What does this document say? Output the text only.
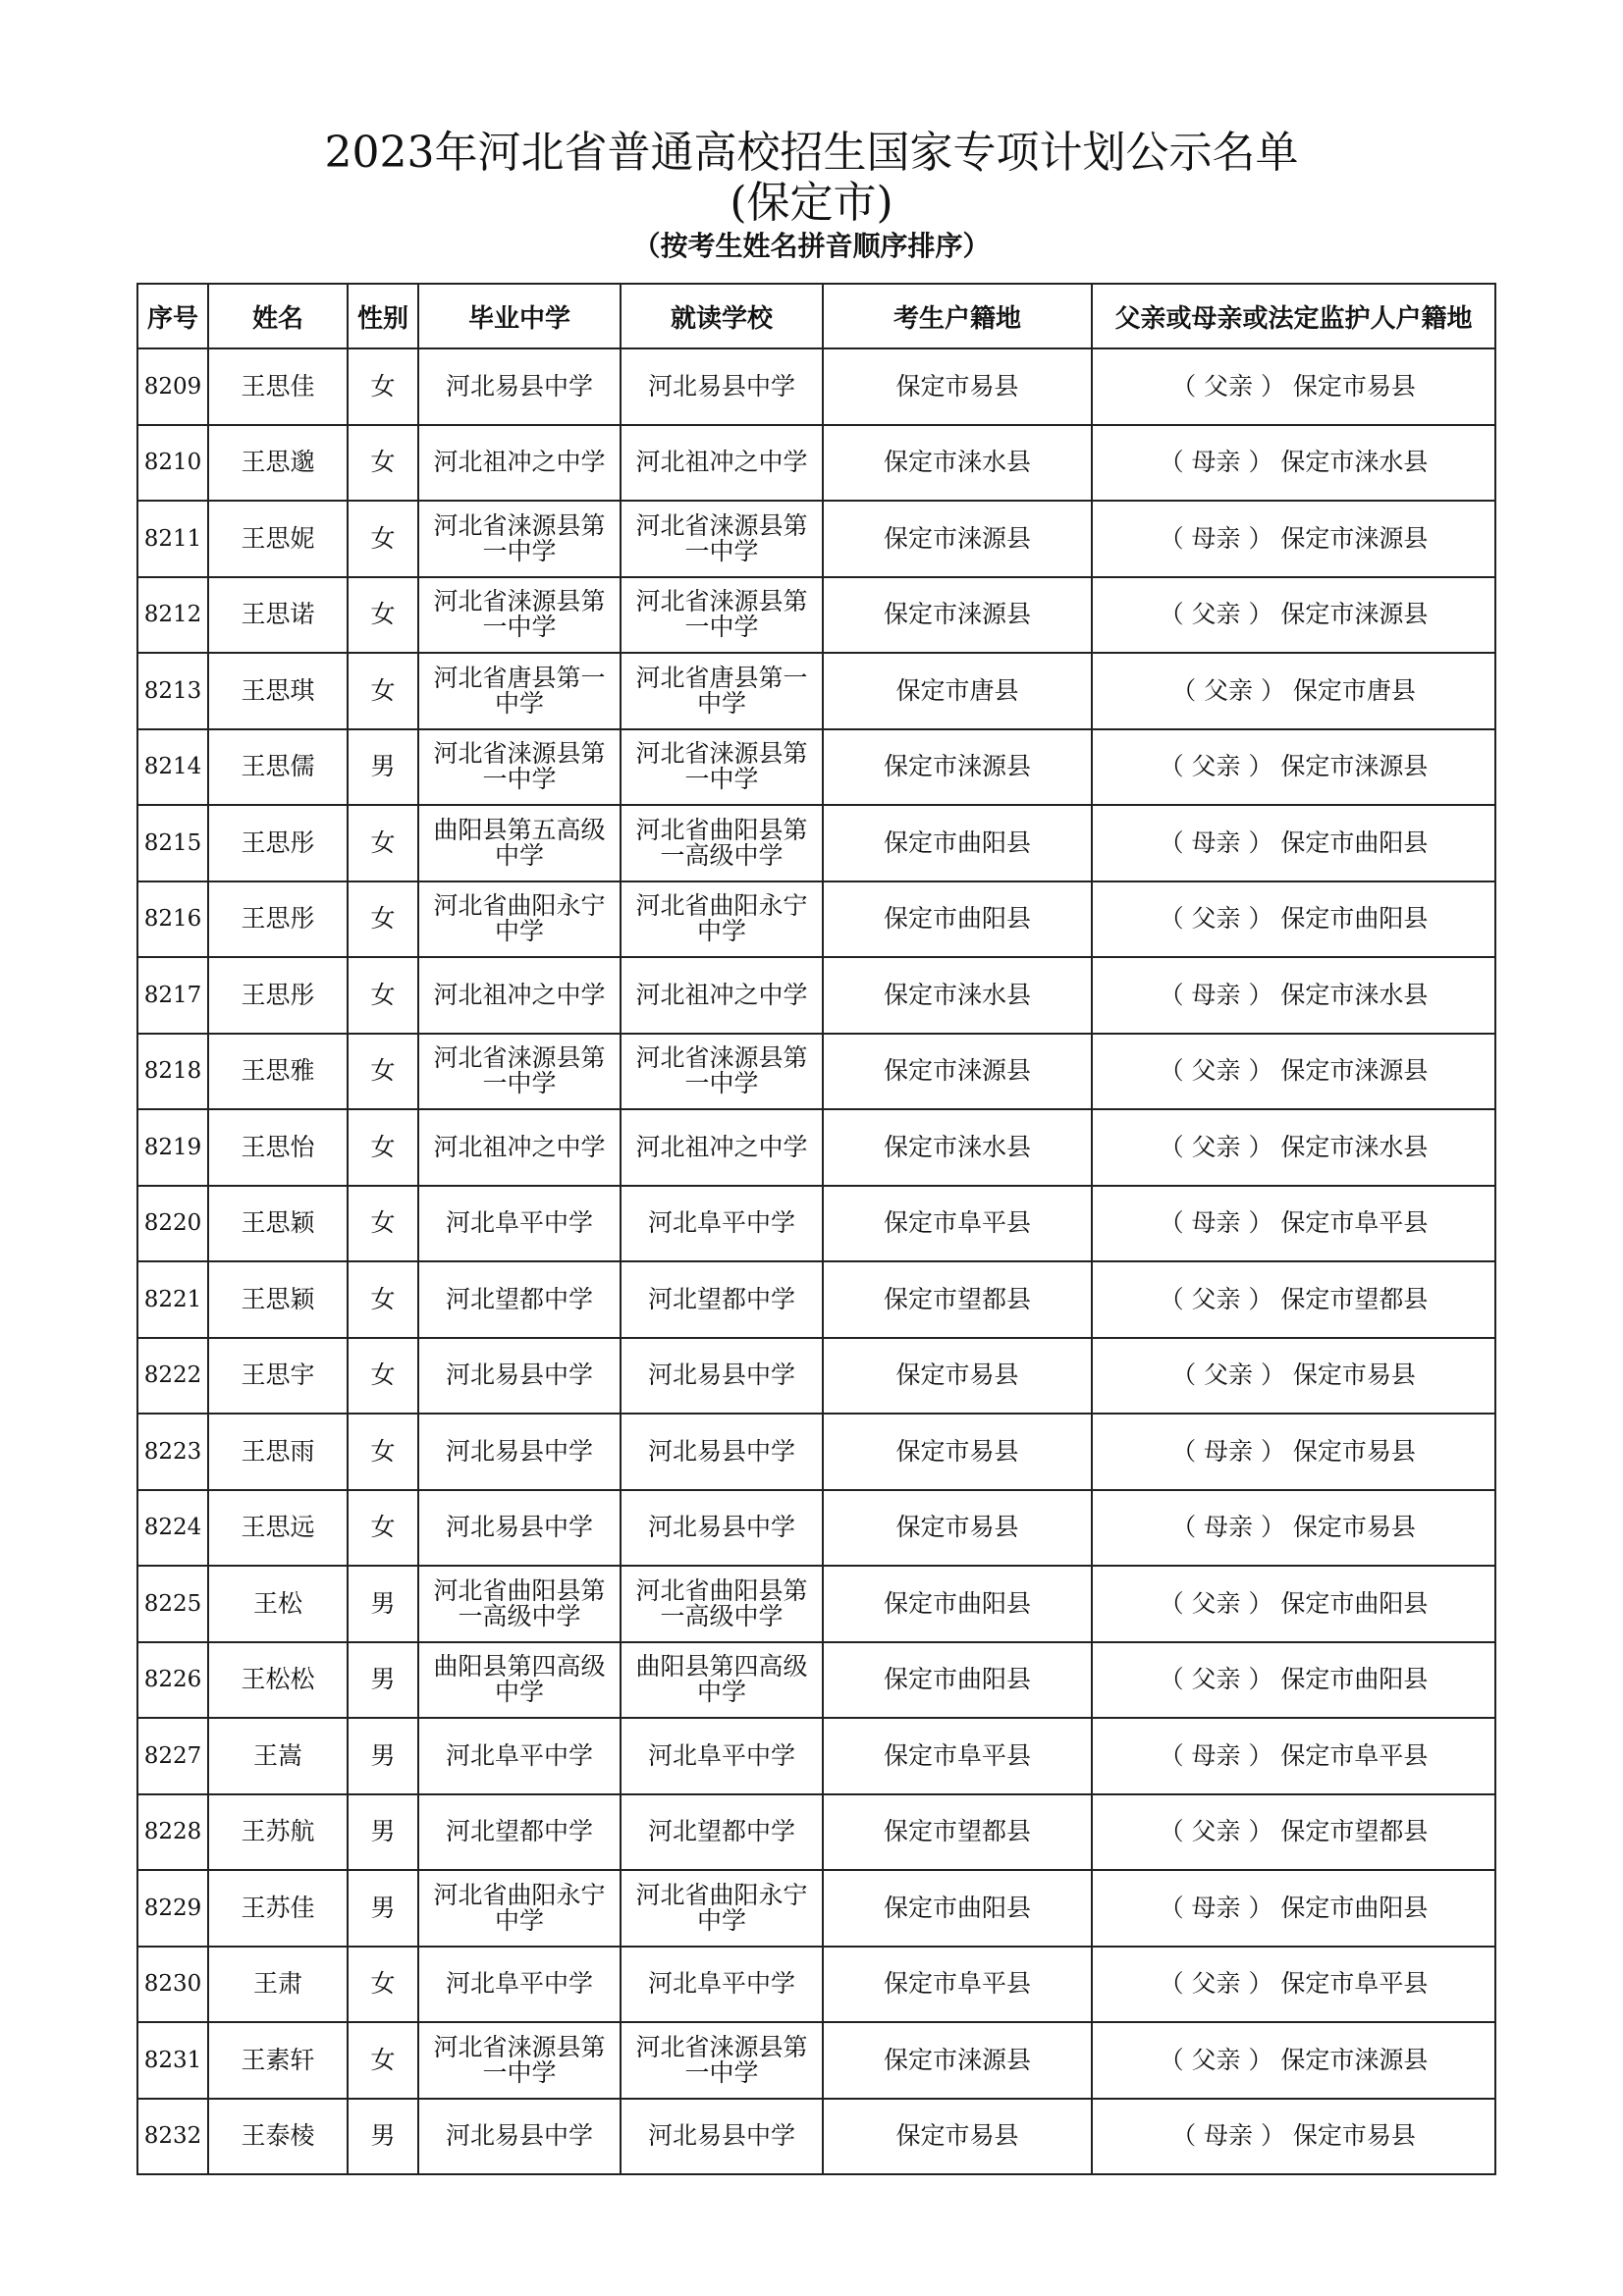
2023年河北省普通高校招生国家专项计划公示名单
(保定市)
（按考生姓名拼音顺序排序）
序号	姓名	性别	毕业中学	就读学校	考生户籍地	父亲或母亲或法定监护人户籍地
8209	王思佳	女	河北易县中学	河北易县中学	保定市易县	（ 父亲 ） 保定市易县
8210	王思邈	女	河北祖冲之中学	河北祖冲之中学	保定市涞水县	（ 母亲 ） 保定市涞水县
8211	王思妮	女	河北省涞源县第一中学	河北省涞源县第一中学	保定市涞源县	（ 母亲 ） 保定市涞源县
8212	王思诺	女	河北省涞源县第一中学	河北省涞源县第一中学	保定市涞源县	（ 父亲 ） 保定市涞源县
8213	王思琪	女	河北省唐县第一中学	河北省唐县第一中学	保定市唐县	（ 父亲 ） 保定市唐县
8214	王思儒	男	河北省涞源县第一中学	河北省涞源县第一中学	保定市涞源县	（ 父亲 ） 保定市涞源县
8215	王思彤	女	曲阳县第五高级中学	河北省曲阳县第一高级中学	保定市曲阳县	（ 母亲 ） 保定市曲阳县
8216	王思彤	女	河北省曲阳永宁中学	河北省曲阳永宁中学	保定市曲阳县	（ 父亲 ） 保定市曲阳县
8217	王思彤	女	河北祖冲之中学	河北祖冲之中学	保定市涞水县	（ 母亲 ） 保定市涞水县
8218	王思雅	女	河北省涞源县第一中学	河北省涞源县第一中学	保定市涞源县	（ 父亲 ） 保定市涞源县
8219	王思怡	女	河北祖冲之中学	河北祖冲之中学	保定市涞水县	（ 父亲 ） 保定市涞水县
8220	王思颖	女	河北阜平中学	河北阜平中学	保定市阜平县	（ 母亲 ） 保定市阜平县
8221	王思颖	女	河北望都中学	河北望都中学	保定市望都县	（ 父亲 ） 保定市望都县
8222	王思宇	女	河北易县中学	河北易县中学	保定市易县	（ 父亲 ） 保定市易县
8223	王思雨	女	河北易县中学	河北易县中学	保定市易县	（ 母亲 ） 保定市易县
8224	王思远	女	河北易县中学	河北易县中学	保定市易县	（ 母亲 ） 保定市易县
8225	王松	男	河北省曲阳县第一高级中学	河北省曲阳县第一高级中学	保定市曲阳县	（ 父亲 ） 保定市曲阳县
8226	王松松	男	曲阳县第四高级中学	曲阳县第四高级中学	保定市曲阳县	（ 父亲 ） 保定市曲阳县
8227	王嵩	男	河北阜平中学	河北阜平中学	保定市阜平县	（ 母亲 ） 保定市阜平县
8228	王苏航	男	河北望都中学	河北望都中学	保定市望都县	（ 父亲 ） 保定市望都县
8229	王苏佳	男	河北省曲阳永宁中学	河北省曲阳永宁中学	保定市曲阳县	（ 母亲 ） 保定市曲阳县
8230	王肃	女	河北阜平中学	河北阜平中学	保定市阜平县	（ 父亲 ） 保定市阜平县
8231	王素轩	女	河北省涞源县第一中学	河北省涞源县第一中学	保定市涞源县	（ 父亲 ） 保定市涞源县
8232	王泰棱	男	河北易县中学	河北易县中学	保定市易县	（ 母亲 ） 保定市易县
